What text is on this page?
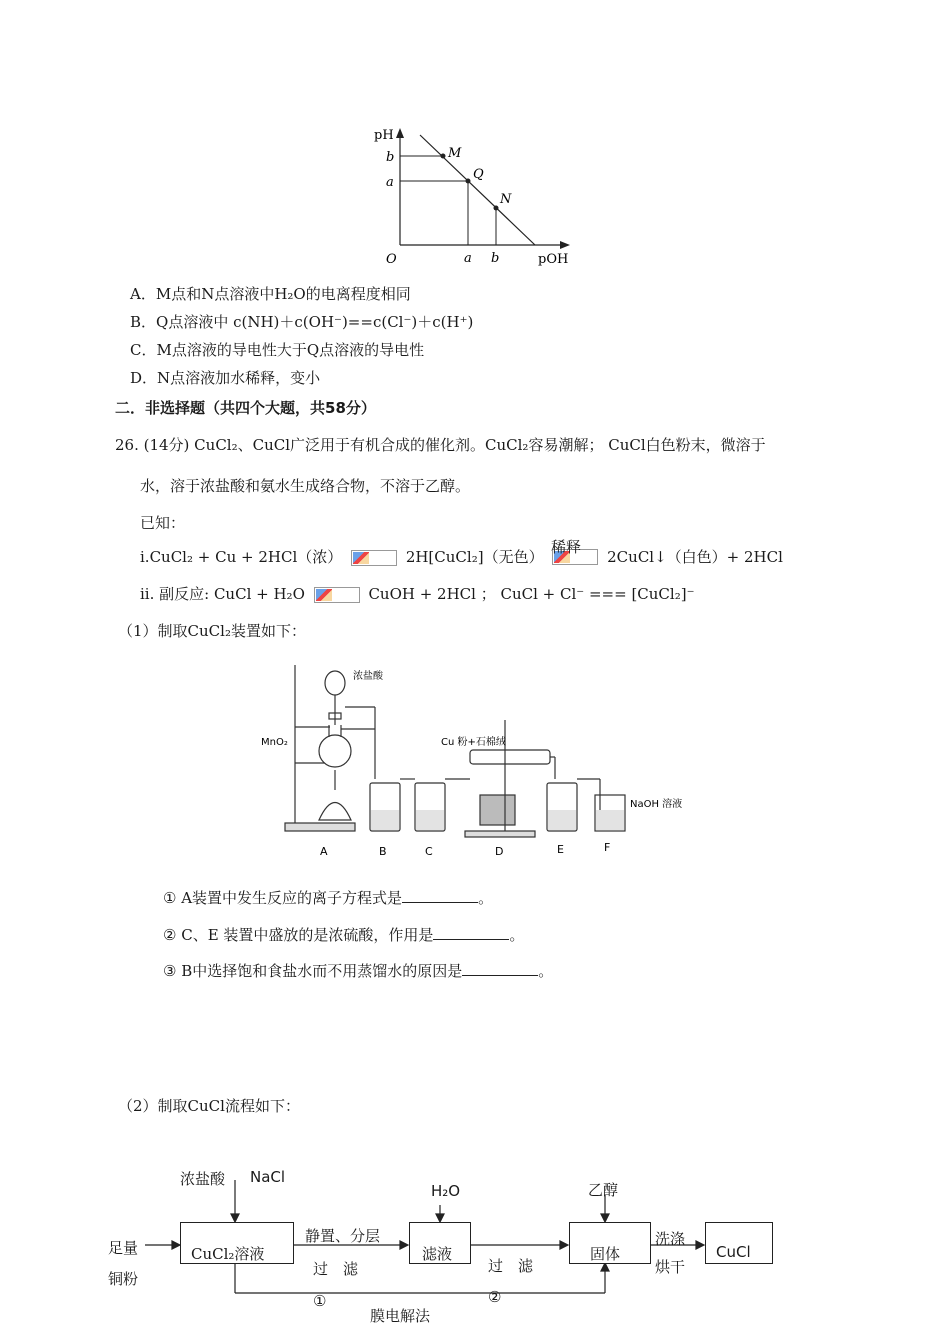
pH
pOH
O
b
a
a b
M
Q
N
A．M点和N点溶液中H₂O的电离程度相同
B．Q点溶液中 c(NH)＋c(OH⁻)==c(Cl⁻)＋c(H⁺)
C．M点溶液的导电性大于Q点溶液的导电性
D．N点溶液加水稀释，变小
二．非选择题（共四个大题，共58分）
26. (14分) CuCl₂、CuCl广泛用于有机合成的催化剂。CuCl₂容易潮解； CuCl白色粉末，微溶于
水，溶于浓盐酸和氨水生成络合物，不溶于乙醇。
已知：
i.CuCl₂ + Cu + 2HCl（浓）	2H[CuCl₂]（无色）	2CuCl↓（白色）+ 2HCl
稀释
ii. 副反应: CuCl + H₂O	CuOH + 2HCl ； CuCl + Cl⁻ === [CuCl₂]⁻
（1）制取CuCl₂装置如下：
浓盐酸
MnO₂	Cu 粉+石棉绒
NaOH 溶液
A	B	C	D	E	F
① A装置中发生反应的离子方程式是	。
② C、E 装置中盛放的是浓硫酸，作用是	。
③ B中选择饱和食盐水而不用蒸馏水的原因是	。
（2）制取CuCl流程如下：
CuCl₂溶液	滤液	固体	CuCl
浓盐酸 NaCl
H₂O	乙醇
足量
铜粉
静置、分层
过　滤	过　滤
洗涤
烘干
①	②
膜电解法
